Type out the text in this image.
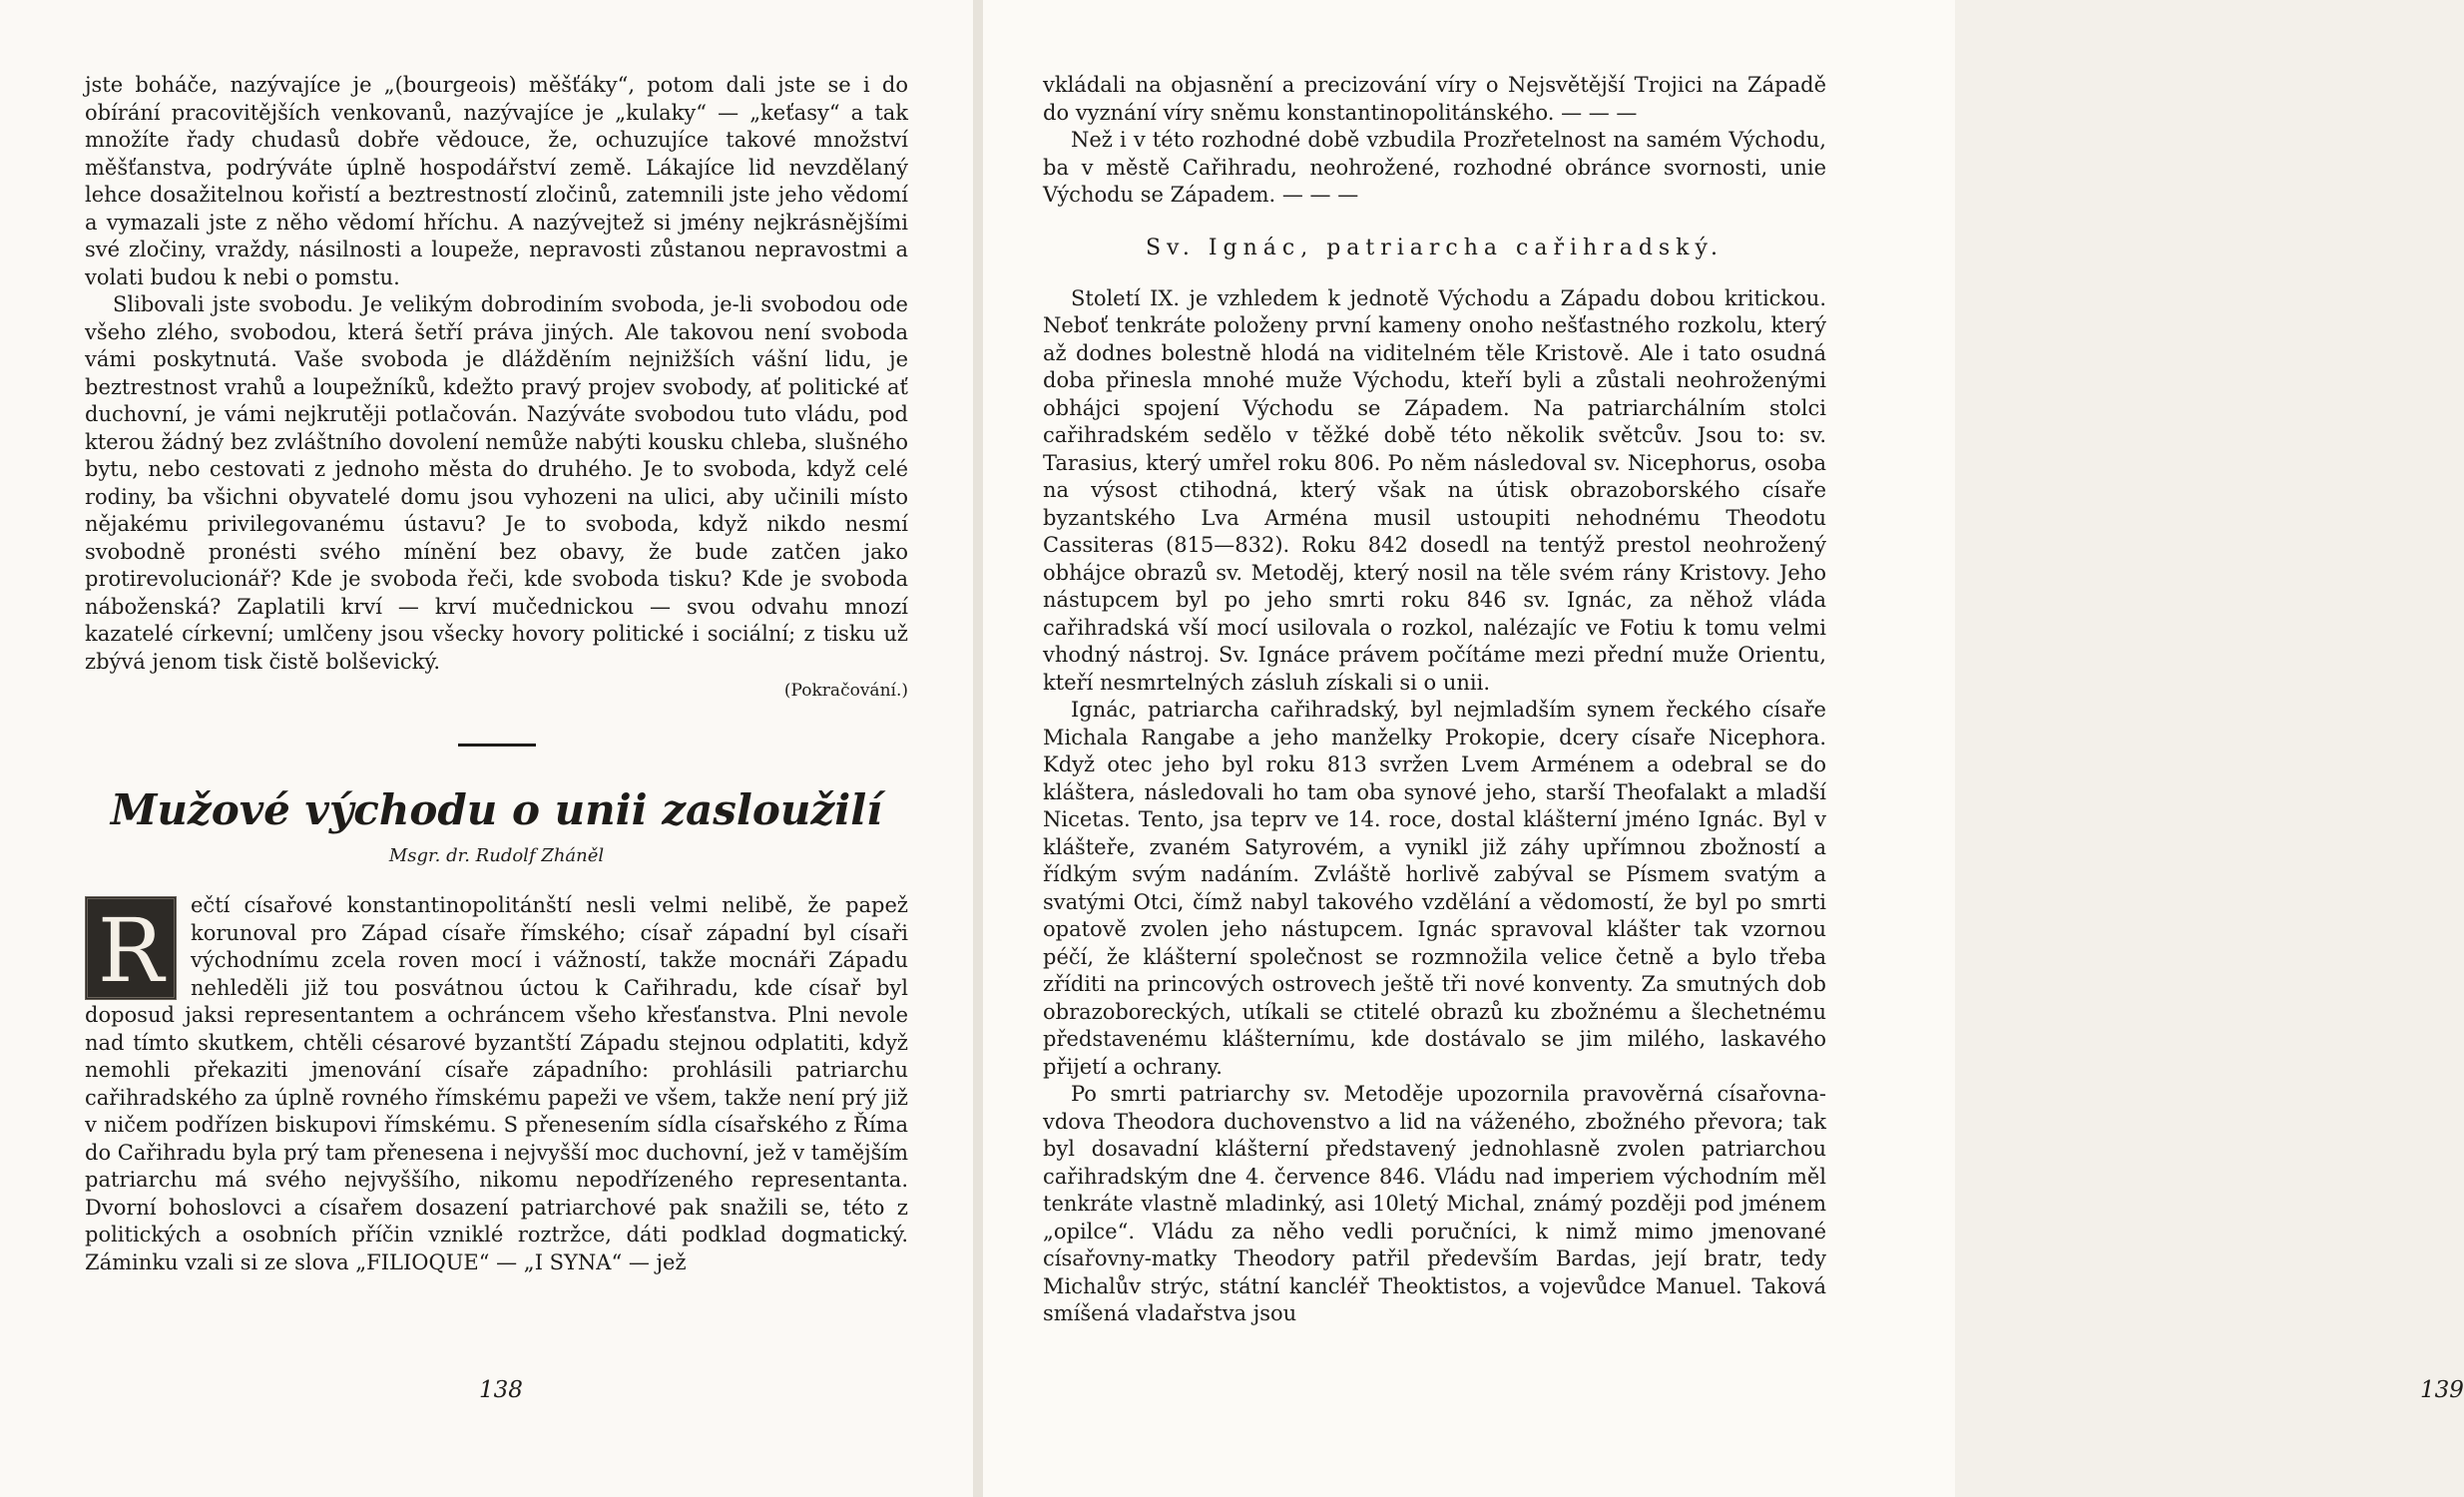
jste boháče, nazývajíce je „(bourgeois) měšťáky“, potom dali jste se i do obírání pracovitějších venkovanů, nazývajíce je „kulaky“ — „keťasy“ a tak množíte řady chudasů dobře vědouce, že, ochuzujíce takové množství měšťanstva, podrýváte úplně hospodářství země. Lákajíce lid nevzdělaný lehce dosažitelnou kořistí a beztrestností zločinů, zatemnili jste jeho vědomí a vymazali jste z něho vědomí hříchu. A nazývejtež si jmény nejkrásnějšími své zločiny, vraždy, násilnosti a loupeže, nepravosti zůstanou nepravostmi a volati budou k nebi o pomstu.

Slibovali jste svobodu. Je velikým dobrodiním svoboda, je-li svobodou ode všeho zlého, svobodou, která šetří práva jiných. Ale takovou není svoboda vámi poskytnutá. Vaše svoboda je dlážděním nejnižších vášní lidu, je beztrestnost vrahů a loupežníků, kdežto pravý projev svobody, ať politické ať duchovní, je vámi nejkrutěji potlačován. Nazýváte svobodou tuto vládu, pod kterou žádný bez zvláštního dovolení nemůže nabýti kousku chleba, slušného bytu, nebo cestovati z jednoho města do druhého. Je to svoboda, když celé rodiny, ba všichni obyvatelé domu jsou vyhozeni na ulici, aby učinili místo nějakému privilegovanému ústavu? Je to svoboda, když nikdo nesmí svobodně pronésti svého mínění bez obavy, že bude zatčen jako protirevolucionář? Kde je svoboda řeči, kde svoboda tisku? Kde je svoboda náboženská? Zaplatili krví — krví mučednickou — svou odvahu mnozí kazatelé církevní; umlčeny jsou všecky hovory politické i sociální; z tisku už zbývá jenom tisk čistě bolševický.

(Pokračování.)

Mužové východu o unii zasloužilí
Msgr. dr. Rudolf Zháněl
R	ečtí císařové konstantinopolitánští nesli velmi nelibě, že papež korunoval pro Západ císaře římského; císař západní byl císaři východnímu zcela roven mocí i vážností, takže mocnáři Západu nehleděli již tou posvátnou úctou k Cařihradu, kde císař byl doposud jaksi representantem a ochráncem všeho křesťanstva. Plni nevole nad tímto skutkem, chtěli césarové byzantští Západu stejnou odplatiti, když nemohli překaziti jmenování císaře západního: prohlásili patriarchu cařihradského za úplně rovného římskému papeži ve všem, takže není prý již v ničem podřízen biskupovi římskému. S přenesením sídla císařského z Říma do Cařihradu byla prý tam přenesena i nejvyšší moc duchovní, jež v tamějším patriarchu má svého nejvyššího, nikomu nepodřízeného representanta. Dvorní bohoslovci a císařem dosazení patriarchové pak snažili se, této z politických a osobních příčin vzniklé roztržce, dáti podklad dogmatický. Záminku vzali si ze slova „FILIOQUE“ — „I SYNA“ — jež

138

vkládali na objasnění a precizování víry o Nejsvětější Trojici na Západě do vyznání víry sněmu konstantinopolitánského. — — —

Než i v této rozhodné době vzbudila Prozřetelnost na samém Východu, ba v městě Cařihradu, neohrožené, rozhodné obránce svornosti, unie Východu se Západem. — — —

Sv. Ignác, patriarcha cařihradský.

Století IX. je vzhledem k jednotě Východu a Západu dobou kritickou. Neboť tenkráte položeny první kameny onoho nešťastného rozkolu, který až dodnes bolestně hlodá na viditelném těle Kristově. Ale i tato osudná doba přinesla mnohé muže Východu, kteří byli a zůstali neohroženými obhájci spojení Východu se Západem. Na patriarchálním stolci cařihradském sedělo v těžké době této několik světcův. Jsou to: sv. Tarasius, který umřel roku 806. Po něm následoval sv. Nicephorus, osoba na výsost ctihodná, který však na útisk obrazoborského císaře byzantského Lva Arména musil ustoupiti nehodnému Theodotu Cassiteras (815—832). Roku 842 dosedl na tentýž prestol neohrožený obhájce obrazů sv. Metoděj, který nosil na těle svém rány Kristovy. Jeho nástupcem byl po jeho smrti roku 846 sv. Ignác, za něhož vláda cařihradská vší mocí usilovala o rozkol, nalézajíc ve Fotiu k tomu velmi vhodný nástroj. Sv. Ignáce právem počítáme mezi přední muže Orientu, kteří nesmrtelných zásluh získali si o unii.

Ignác, patriarcha cařihradský, byl nejmladším synem řeckého císaře Michala Rangabe a jeho manželky Prokopie, dcery císaře Nicephora. Když otec jeho byl roku 813 svržen Lvem Arménem a odebral se do kláštera, následovali ho tam oba synové jeho, starší Theofalakt a mladší Nicetas. Tento, jsa teprv ve 14. roce, dostal klášterní jméno Ignác. Byl v klášteře, zvaném Satyrovém, a vynikl již záhy upřímnou zbožností a řídkým svým nadáním. Zvláště horlivě zabýval se Písmem svatým a svatými Otci, čímž nabyl takového vzdělání a vědomostí, že byl po smrti opatově zvolen jeho nástupcem. Ignác spravoval klášter tak vzornou péčí, že klášterní společnost se rozmnožila velice četně a bylo třeba zříditi na princových ostrovech ještě tři nové konventy. Za smutných dob obrazoboreckých, utíkali se ctitelé obrazů ku zbožnému a šlechetnému představenému klášternímu, kde dostávalo se jim milého, laskavého přijetí a ochrany.

Po smrti patriarchy sv. Metoděje upozornila pravověrná císařovna-vdova Theodora duchovenstvo a lid na váženého, zbožného převora; tak byl dosavadní klášterní představený jednohlasně zvolen patriarchou cařihradským dne 4. července 846. Vládu nad imperiem východním měl tenkráte vlastně mladinký, asi 10letý Michal, známý později pod jménem „opilce“. Vládu za něho vedli poručníci, k nimž mimo jmenované císařovny-matky Theodory patřil především Bardas, její bratr, tedy Michalův strýc, státní kancléř Theoktistos, a vojevůdce Manuel. Taková smíšená vladařstva jsou

139
